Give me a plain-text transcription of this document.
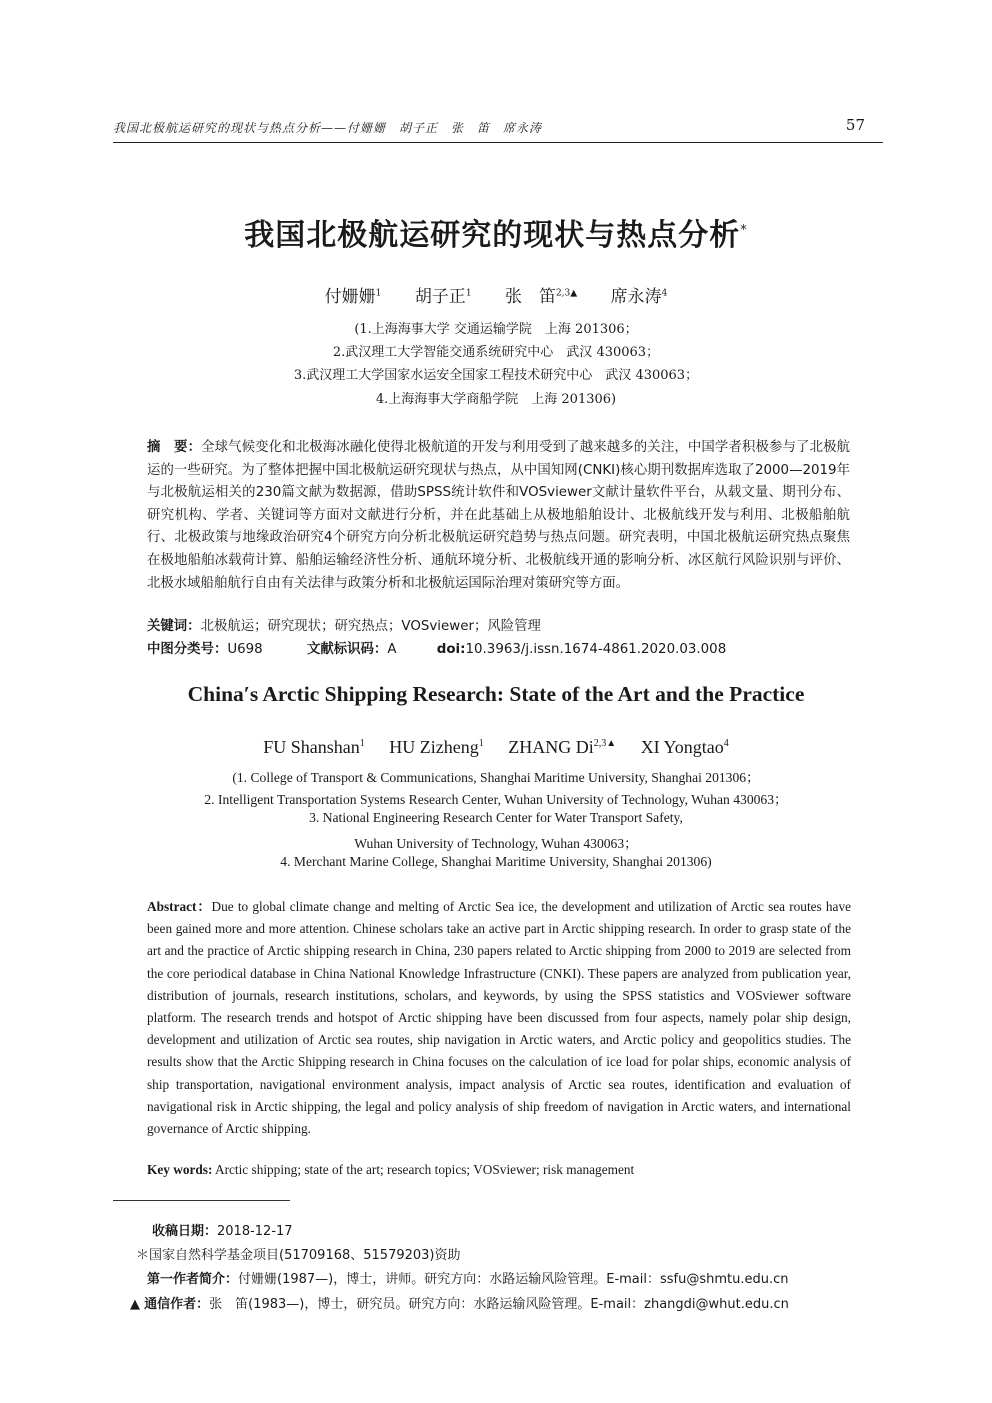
我国北极航运研究的现状与热点分析——付姗姗　胡子正　张　笛　席永涛	57
我国北极航运研究的现状与热点分析*
付姗姗$^1$ 胡子正$^1$ 张　笛$^{2,3▲}$ 席永涛$^4$
(1.上海海事大学 交通运输学院　上海 201306；
2.武汉理工大学智能交通系统研究中心　武汉 430063；
3.武汉理工大学国家水运安全国家工程技术研究中心　武汉 430063；
4.上海海事大学商船学院　上海 201306)
摘　要：全球气候变化和北极海冰融化使得北极航道的开发与利用受到了越来越多的关注，中国学者积极参与了北极航运的一些研究。为了整体把握中国北极航运研究现状与热点，从中国知网(CNKI)核心期刊数据库选取了2000—2019年与北极航运相关的230篇文献为数据源，借助SPSS统计软件和VOSviewer文献计量软件平台，从载文量、期刊分布、研究机构、学者、关键词等方面对文献进行分析，并在此基础上从极地船舶设计、北极航线开发与利用、北极船舶航行、北极政策与地缘政治研究4个研究方向分析北极航运研究趋势与热点问题。研究表明，中国北极航运研究热点聚焦在极地船舶冰载荷计算、船舶运输经济性分析、通航环境分析、北极航线开通的影响分析、冰区航行风险识别与评价、北极水域船舶航行自由有关法律与政策分析和北极航运国际治理对策研究等方面。
关键词：北极航运；研究现状；研究热点；VOSviewer；风险管理
中图分类号：U698	文献标识码：A	doi:10.3963/j.issn.1674-4861.2020.03.008
China′s Arctic Shipping Research: State of the Art and the Practice
FU Shanshan$^1$ HU Zizheng$^1$ ZHANG $Di^{2,3▲}$ XI Yongtao$^4$
(1. College of Transport & Communications, Shanghai Maritime University, Shanghai 201306；
2. Intelligent Transportation Systems Research Center, Wuhan University of Technology, Wuhan 430063；
3. National Engineering Research Center for Water Transport Safety,
Wuhan University of Technology, Wuhan 430063；
4. Merchant Marine College, Shanghai Maritime University, Shanghai 201306)
Abstract：Due to global climate change and melting of Arctic Sea ice, the development and utilization of Arctic sea routes have been gained more and more attention. Chinese scholars take an active part in Arctic shipping research. In order to grasp state of the art and the practice of Arctic shipping research in China, 230 papers related to Arctic shipping from 2000 to 2019 are selected from the core periodical database in China National Knowledge Infrastructure (CNKI). These papers are analyzed from publication year, distribution of journals, research institutions, scholars, and keywords, by using the SPSS statistics and VOSviewer software platform. The research trends and hotspot of Arctic shipping have been discussed from four aspects, namely polar ship design, development and utilization of Arctic sea routes, ship navigation in Arctic waters, and Arctic policy and geopolitics studies. The results show that the Arctic Shipping research in China focuses on the calculation of ice load for polar ships, economic analysis of ship transportation, navigational environment analysis, impact analysis of Arctic sea routes, identification and evaluation of navigational risk in Arctic shipping, the legal and policy analysis of ship freedom of navigation in Arctic waters, and international governance of Arctic shipping.
Key words: Arctic shipping; state of the art; research topics; VOSviewer; risk management
收稿日期：2018-12-17
＊国家自然科学基金项目(51709168、51579203)资助
第一作者简介：付姗姗(1987—)，博士，讲师。研究方向：水路运输风险管理。E-mail：ssfu@shmtu.edu.cn
▲ 通信作者：张　笛(1983—)，博士，研究员。研究方向：水路运输风险管理。E-mail：zhangdi@whut.edu.cn
